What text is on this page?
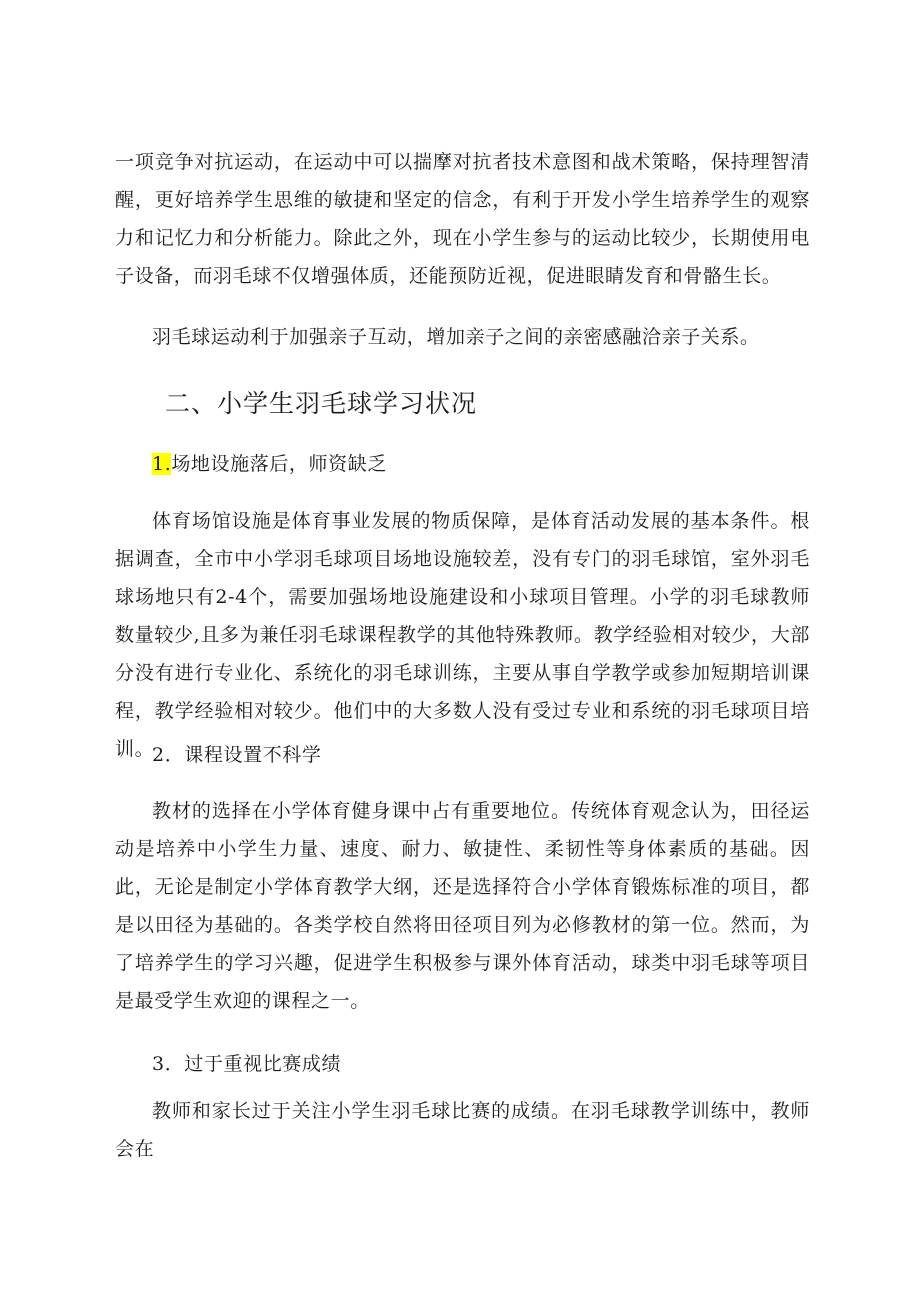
一项竞争对抗运动，在运动中可以揣摩对抗者技术意图和战术策略，保持理智清醒，更好培养学生思维的敏捷和坚定的信念，有利于开发小学生培养学生的观察力和记忆力和分析能力。除此之外，现在小学生参与的运动比较少，长期使用电子设备，而羽毛球不仅增强体质，还能预防近视，促进眼睛发育和骨骼生长。

羽毛球运动利于加强亲子互动，增加亲子之间的亲密感融洽亲子关系。

二、小学生羽毛球学习状况

1.场地设施落后，师资缺乏

体育场馆设施是体育事业发展的物质保障，是体育活动发展的基本条件。根据调查，全市中小学羽毛球项目场地设施较差，没有专门的羽毛球馆，室外羽毛球场地只有2-4个，需要加强场地设施建设和小球项目管理。小学的羽毛球教师数量较少,且多为兼任羽毛球课程教学的其他特殊教师。教学经验相对较少，大部分没有进行专业化、系统化的羽毛球训练，主要从事自学教学或参加短期培训课程，教学经验相对较少。他们中的大多数人没有受过专业和系统的羽毛球项目培训。

2．课程设置不科学

教材的选择在小学体育健身课中占有重要地位。传统体育观念认为，田径运动是培养中小学生力量、速度、耐力、敏捷性、柔韧性等身体素质的基础。因此，无论是制定小学体育教学大纲，还是选择符合小学体育锻炼标准的项目，都是以田径为基础的。各类学校自然将田径项目列为必修教材的第一位。然而，为了培养学生的学习兴趣，促进学生积极参与课外体育活动，球类中羽毛球等项目是最受学生欢迎的课程之一。

3．过于重视比赛成绩

教师和家长过于关注小学生羽毛球比赛的成绩。在羽毛球教学训练中，教师会在
